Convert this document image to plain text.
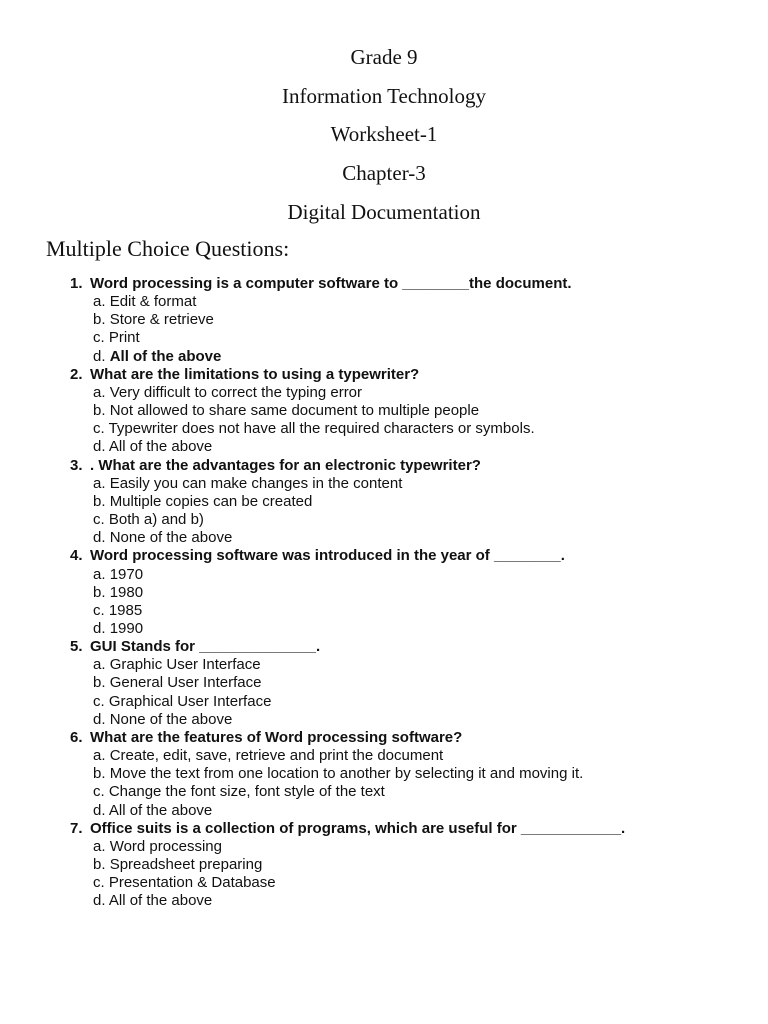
Grade 9
Information Technology
Worksheet-1
Chapter-3
Digital Documentation
Multiple Choice Questions:
1. Word processing is a computer software to ________the document.
a. Edit & format
b. Store & retrieve
c. Print
d. All of the above
2. What are the limitations to using a typewriter?
a. Very difficult to correct the typing error
b. Not allowed to share same document to multiple people
c. Typewriter does not have all the required characters or symbols.
d. All of the above
3. . What are the advantages for an electronic typewriter?
a. Easily you can make changes in the content
b. Multiple copies can be created
c. Both a) and b)
d. None of the above
4. Word processing software was introduced in the year of ________.
a. 1970
b. 1980
c. 1985
d. 1990
5. GUI Stands for ______________.
a. Graphic User Interface
b. General User Interface
c. Graphical User Interface
d. None of the above
6. What are the features of Word processing software?
a. Create, edit, save, retrieve and print the document
b. Move the text from one location to another by selecting it and moving it.
c. Change the font size, font style of the text
d. All of the above
7. Office suits is a collection of programs, which are useful for ____________.
a. Word processing
b. Spreadsheet preparing
c. Presentation & Database
d. All of the above
